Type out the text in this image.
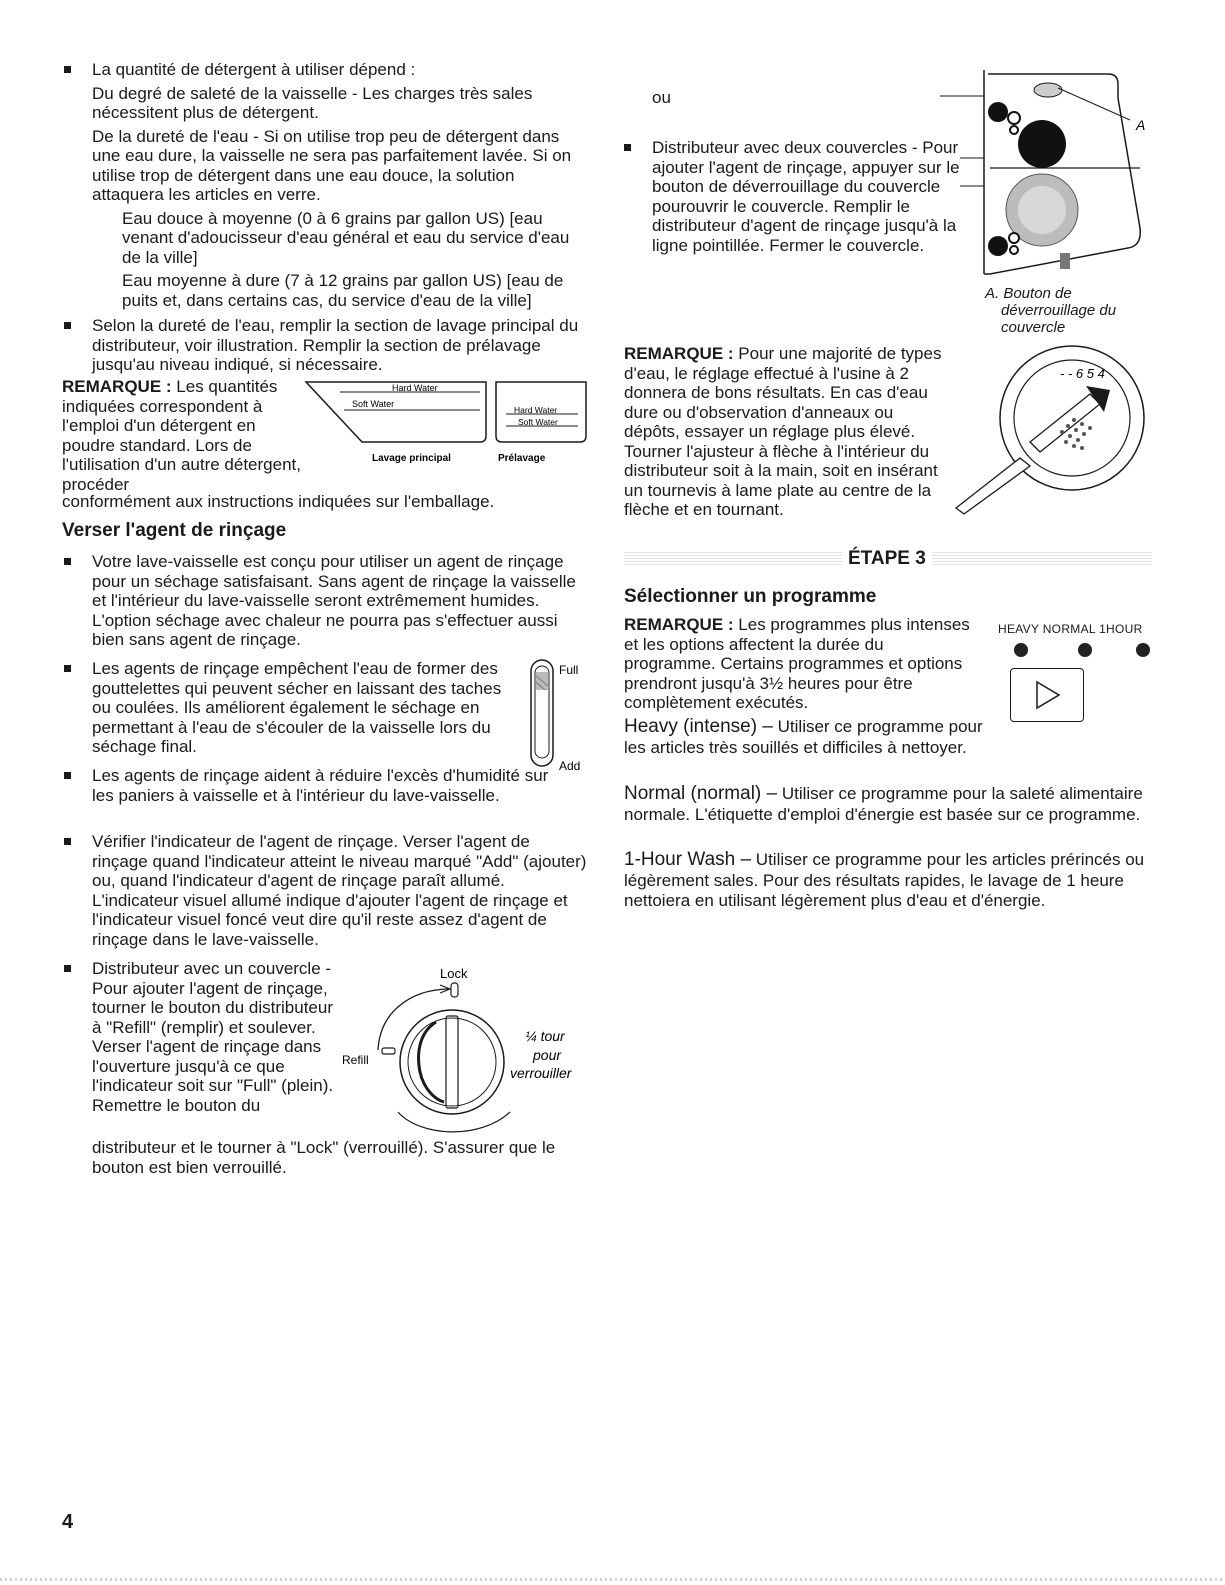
La quantité de détergent à utiliser dépend :

Du degré de saleté de la vaisselle - Les charges très sales nécessitent plus de détergent.

De la dureté de l'eau - Si on utilise trop peu de détergent dans une eau dure, la vaisselle ne sera pas parfaitement lavée. Si on utilise trop de détergent dans une eau douce, la solution attaquera les articles en verre.

Eau douce à moyenne (0 à 6 grains par gallon US) [eau venant d'adoucisseur d'eau général et eau du service d'eau de la ville]

Eau moyenne à dure (7 à 12 grains par gallon US) [eau de puits et, dans certains cas, du service d'eau de la ville]

Selon la dureté de l'eau, remplir la section de lavage principal du distributeur, voir illustration. Remplir la section de prélavage jusqu'au niveau indiqué, si nécessaire.

REMARQUE : Les quantités indiquées correspondent à l'emploi d'un détergent en poudre standard. Lors de l'utilisation d'un autre détergent, procéder

conformément aux instructions indiquées sur l'emballage.

Hard Water
Soft Water
Hard Water
Soft Water
Lavage principal	Prélavage
Verser l'agent de rinçage

Votre lave-vaisselle est conçu pour utiliser un agent de rinçage pour un séchage satisfaisant. Sans agent de rinçage la vaisselle et l'intérieur du lave-vaisselle seront extrêmement humides. L'option séchage avec chaleur ne pourra pas s'effectuer aussi bien sans agent de rinçage.

Les agents de rinçage empêchent l'eau de former des gouttelettes qui peuvent sécher en laissant des taches ou coulées. Ils améliorent également le séchage en permettant à l'eau de s'écouler de la vaisselle lors du séchage final.

Les agents de rinçage aident à réduire l'excès d'humidité sur les paniers à vaisselle et à l'intérieur du lave-vaisselle.

Full
Add

Vérifier l'indicateur de l'agent de rinçage. Verser l'agent de rinçage quand l'indicateur atteint le niveau marqué "Add" (ajouter) ou, quand l'indicateur d'agent de rinçage paraît allumé. L'indicateur visuel allumé indique d'ajouter l'agent de rinçage et l'indicateur visuel foncé veut dire qu'il reste assez d'agent de rinçage dans le lave-vaisselle.

Distributeur avec un couvercle - Pour ajouter l'agent de rinçage, tourner le bouton du distributeur à "Refill" (remplir) et soulever. Verser l'agent de rinçage dans l'ouverture jusqu'à ce que l'indicateur soit sur "Full" (plein). Remettre le bouton du

distributeur et le tourner à "Lock" (verrouillé). S'assurer que le bouton est bien verrouillé.

Lock
Refill
¼ tour
pour
verrouiller

ou

Distributeur avec deux couvercles - Pour ajouter l'agent de rinçage, appuyer sur le bouton de déverrouillage du couvercle pourouvrir le couvercle. Remplir le distributeur d'agent de rinçage jusqu'à la ligne pointillée. Fermer le couvercle.

A

A. Bouton de

déverrouillage du

couvercle

REMARQUE : Pour une majorité de types d'eau, le réglage effectué à l'usine à 2 donnera de bons résultats. En cas d'eau dure ou d'observation d'anneaux ou dépôts, essayer un réglage plus élevé. Tourner l'ajusteur à flèche à l'intérieur du distributeur soit à la main, soit en insérant un tournevis à lame plate au centre de la flèche et en tournant.

- - 6 5 4
ÉTAPE 3
Sélectionner un programme

REMARQUE : Les programmes plus intenses et les options affectent la durée du programme. Certains programmes et options prendront jusqu'à 3½ heures pour être complètement exécutés.

HEAVY NORMAL 1HOUR

Heavy (intense) – Utiliser ce programme pour les articles très souillés et difficiles à nettoyer.

Normal (normal) – Utiliser ce programme pour la saleté alimentaire normale. L'étiquette d'emploi d'énergie est basée sur ce programme.

1-Hour Wash – Utiliser ce programme pour les articles prérincés ou légèrement sales. Pour des résultats rapides, le lavage de 1 heure nettoiera en utilisant légèrement plus d'eau et d'énergie.

4
